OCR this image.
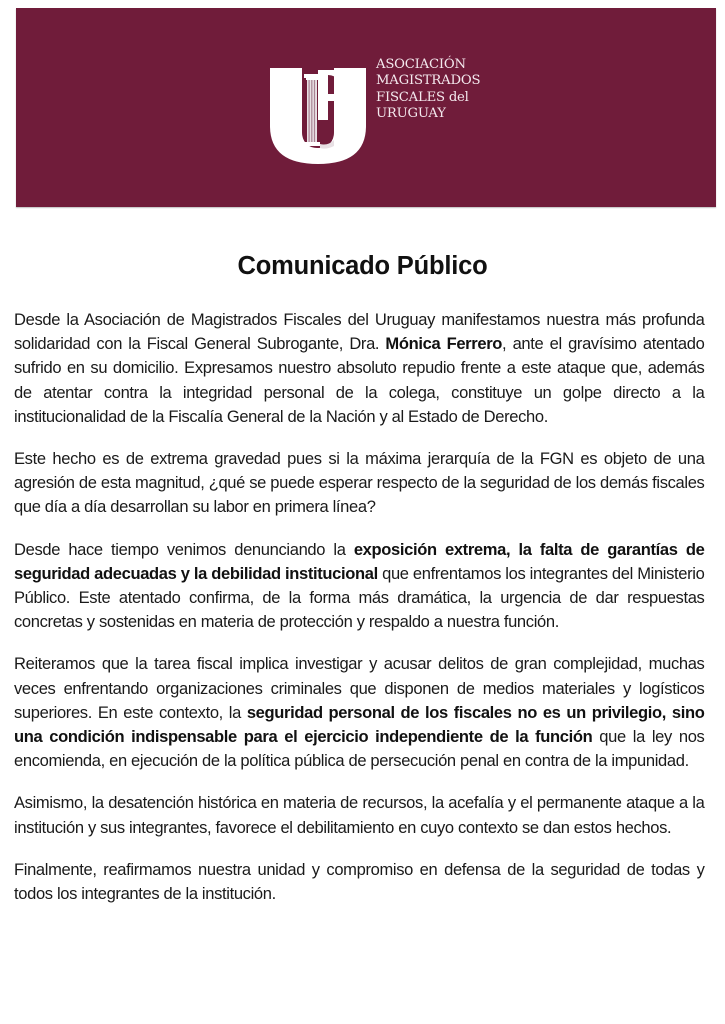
ASOCIACIÓN
MAGISTRADOS
FISCALES del
URUGUAY
Comunicado Público

Desde la Asociación de Magistrados Fiscales del Uruguay manifestamos nuestra más profunda solidaridad con la Fiscal General Subrogante, Dra. Mónica Ferrero, ante el gravísimo atentado sufrido en su domicilio. Expresamos nuestro absoluto repudio frente a este ataque que, además de atentar contra la integridad personal de la colega, constituye un golpe directo a la institucionalidad de la Fiscalía General de la Nación y al Estado de Derecho.

Este hecho es de extrema gravedad pues si la máxima jerarquía de la FGN es objeto de una agresión de esta magnitud, ¿qué se puede esperar respecto de la seguridad de los demás fiscales que día a día desarrollan su labor en primera línea?

Desde hace tiempo venimos denunciando la exposición extrema, la falta de garantías de seguridad adecuadas y la debilidad institucional que enfrentamos los integrantes del Ministerio Público. Este atentado confirma, de la forma más dramática, la urgencia de dar respuestas concretas y sostenidas en materia de protección y respaldo a nuestra función.

Reiteramos que la tarea fiscal implica investigar y acusar delitos de gran complejidad, muchas veces enfrentando organizaciones criminales que disponen de medios materiales y logísticos superiores. En este contexto, la seguridad personal de los fiscales no es un privilegio, sino una condición indispensable para el ejercicio independiente de la función que la ley nos encomienda, en ejecución de la política pública de persecución penal en contra de la impunidad.

Asimismo, la desatención histórica en materia de recursos, la acefalía y el permanente ataque a la institución y sus integrantes, favorece el debilitamiento en cuyo contexto se dan estos hechos.

Finalmente, reafirmamos nuestra unidad y compromiso en defensa de la seguridad de todas y todos los integrantes de la institución.
